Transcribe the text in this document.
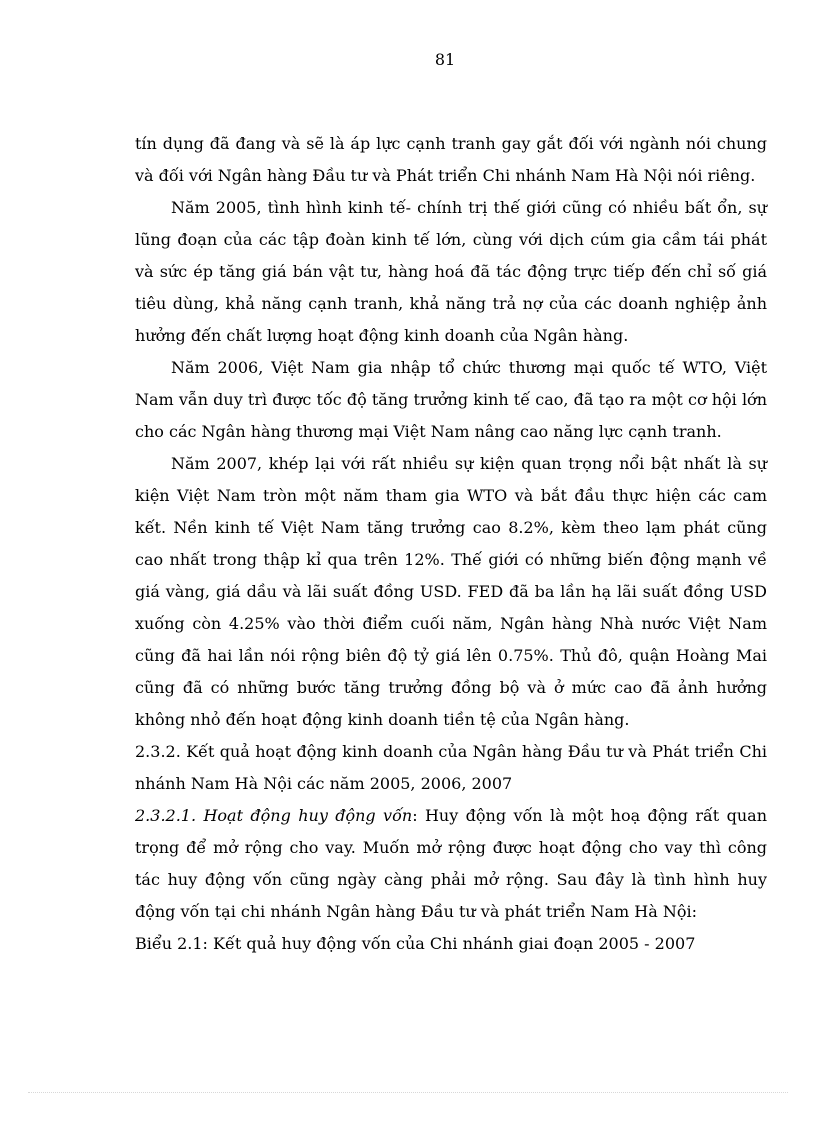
81

tín dụng đã đang và sẽ là áp lực cạnh tranh gay gắt đối với ngành nói chung và đối với Ngân hàng Đầu tư và Phát triển Chi nhánh Nam Hà Nội nói riêng.

Năm 2005, tình hình kinh tế- chính trị thế giới cũng có nhiều bất ổn, sự lũng đoạn của các tập đoàn kinh tế lớn, cùng với dịch cúm gia cầm tái phát và sức ép tăng giá bán vật tư, hàng hoá đã tác động trực tiếp đến chỉ số giá tiêu dùng, khả năng cạnh tranh, khả năng trả nợ của các doanh nghiệp ảnh hưởng đến chất lượng hoạt động kinh doanh của Ngân hàng.

Năm 2006, Việt Nam gia nhập tổ chức thương mại quốc tế WTO, Việt Nam vẫn duy trì được tốc độ tăng trưởng kinh tế cao, đã tạo ra một cơ hội lớn cho các Ngân hàng thương mại Việt Nam nâng cao năng lực cạnh tranh.

Năm 2007, khép lại với rất nhiều sự kiện quan trọng nổi bật nhất là sự kiện Việt Nam tròn một năm tham gia WTO và bắt đầu thực hiện các cam kết. Nền kinh tế Việt Nam tăng trưởng cao 8.2%, kèm theo lạm phát cũng cao nhất trong thập kỉ qua trên 12%. Thế giới có những biến động mạnh về giá vàng, giá dầu và lãi suất đồng USD. FED đã ba lần hạ lãi suất đồng USD xuống còn 4.25% vào thời điểm cuối năm, Ngân hàng Nhà nước Việt Nam cũng đã hai lần nói rộng biên độ tỷ giá lên 0.75%. Thủ đô, quận Hoàng Mai cũng đã có những bước tăng trưởng đồng bộ và ở mức cao đã ảnh hưởng không nhỏ đến hoạt động kinh doanh tiền tệ của Ngân hàng.

2.3.2. Kết quả hoạt động kinh doanh của Ngân hàng Đầu tư và Phát triển Chi nhánh Nam Hà Nội các năm 2005, 2006, 2007

2.3.2.1. Hoạt động huy động vốn: Huy động vốn là một hoạ động rất quan trọng để mở rộng cho vay. Muốn mở rộng được hoạt động cho vay thì công tác huy động vốn cũng ngày càng phải mở rộng. Sau đây là tình hình huy động vốn tại chi nhánh Ngân hàng Đầu tư và phát triển Nam Hà Nội:

Biểu 2.1: Kết quả huy động vốn của Chi nhánh giai đoạn 2005 - 2007
